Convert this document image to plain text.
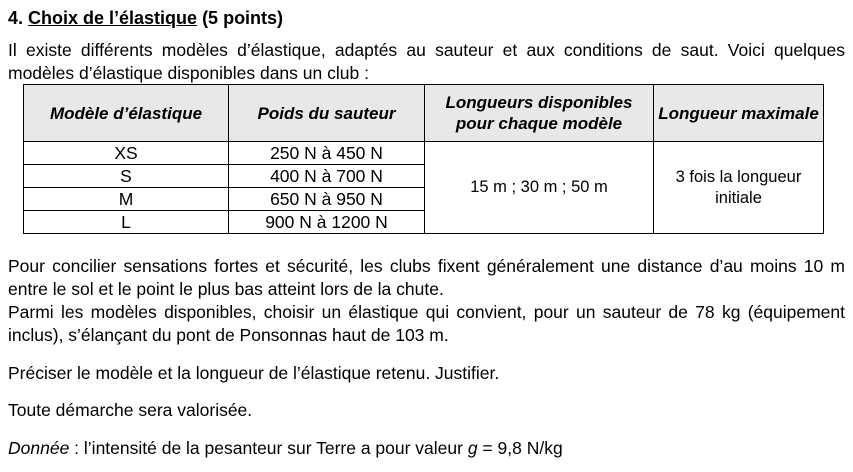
4. Choix de l’élastique (5 points)

Il existe différents modèles d’élastique, adaptés au sauteur et aux conditions de saut. Voici quelques modèles d’élastique disponibles dans un club :

Modèle d’élastique	Poids du sauteur	Longueurs disponibles pour chaque modèle	Longueur maximale
XS	250 N à 450 N	15 m ; 30 m ; 50 m	3 fois la longueur initiale
S	400 N à 700 N		
M	650 N à 950 N		
L	900 N à 1200 N		

Pour concilier sensations fortes et sécurité, les clubs fixent généralement une distance d’au moins 10 m entre le sol et le point le plus bas atteint lors de la chute.

Parmi les modèles disponibles, choisir un élastique qui convient, pour un sauteur de 78 kg (équipement inclus), s’élançant du pont de Ponsonnas haut de 103 m.

Préciser le modèle et la longueur de l’élastique retenu. Justifier.

Toute démarche sera valorisée.

Donnée : l’intensité de la pesanteur sur Terre a pour valeur g = 9,8 N/kg
